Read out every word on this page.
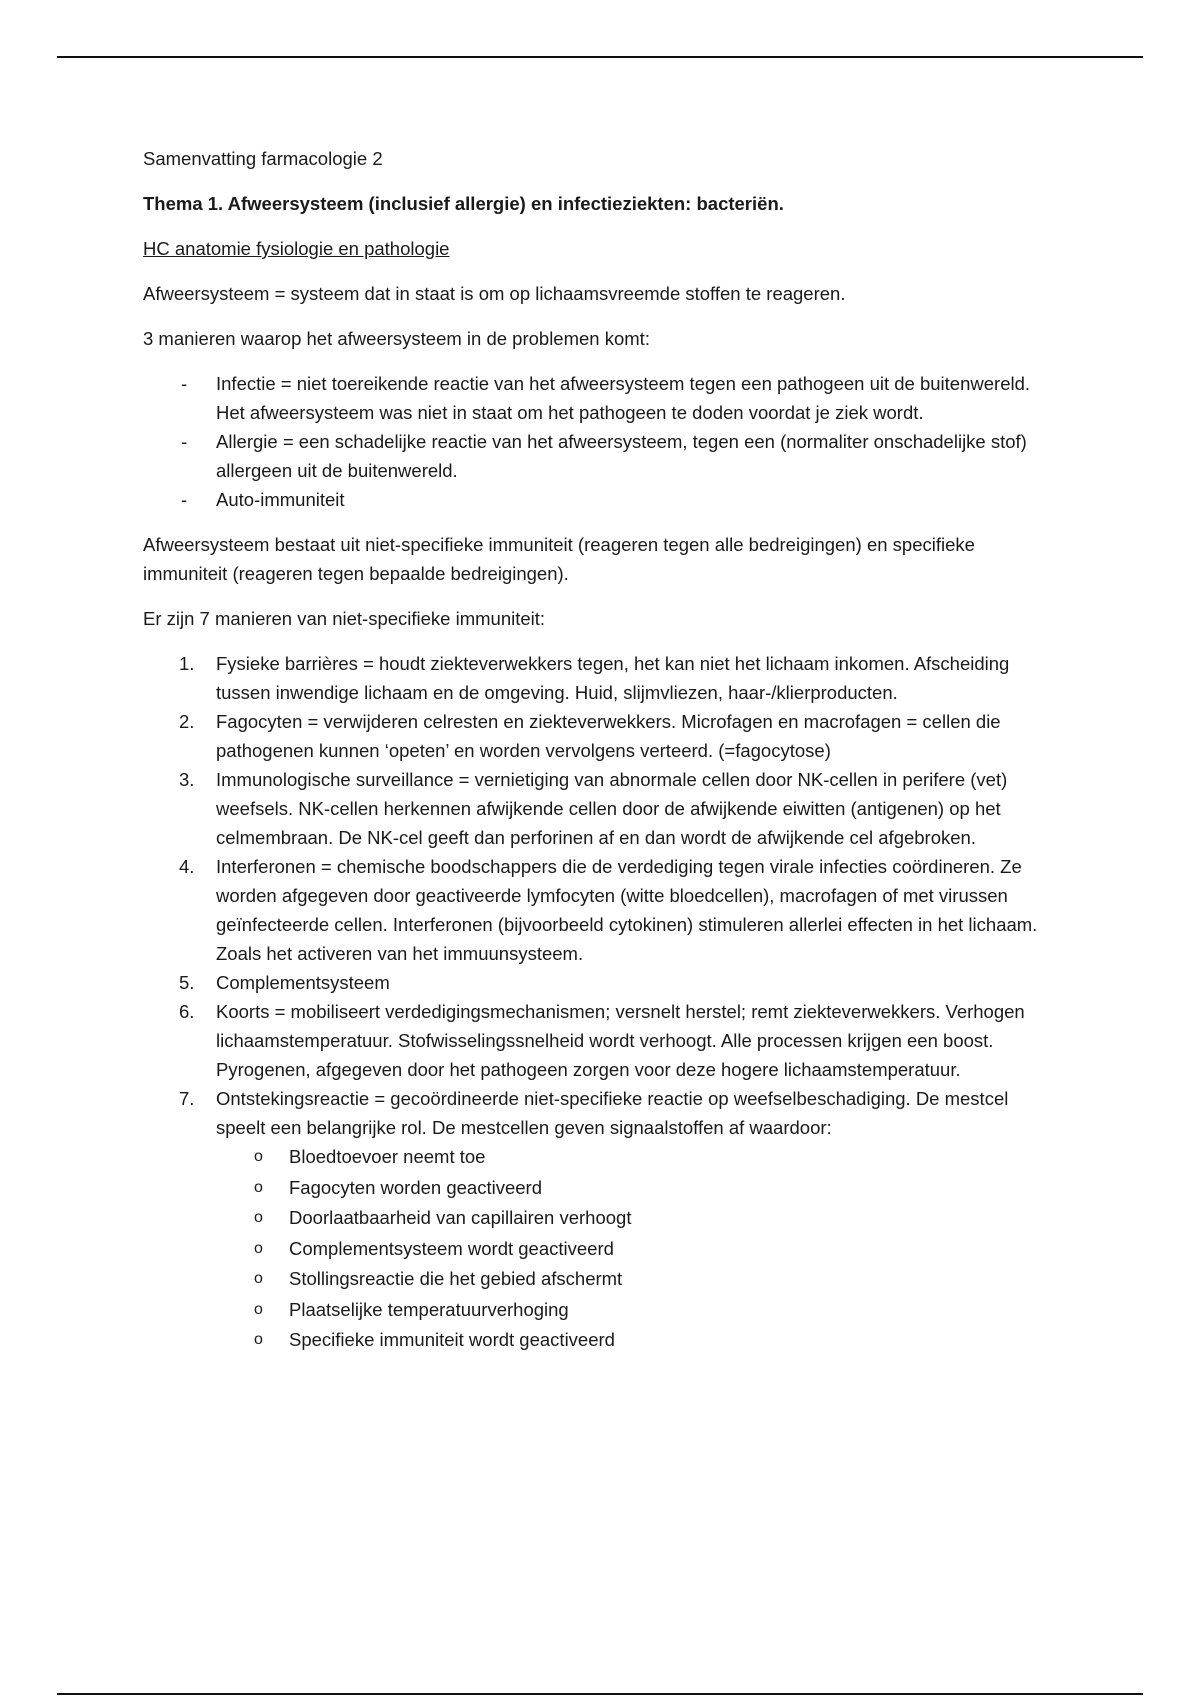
Samenvatting farmacologie 2

Thema 1. Afweersysteem (inclusief allergie) en infectieziekten: bacteriën.

HC anatomie fysiologie en pathologie

Afweersysteem = systeem dat in staat is om op lichaamsvreemde stoffen te reageren.

3 manieren waarop het afweersysteem in de problemen komt:

- Infectie = niet toereikende reactie van het afweersysteem tegen een pathogeen uit de buitenwereld. Het afweersysteem was niet in staat om het pathogeen te doden voordat je ziek wordt.
- Allergie = een schadelijke reactie van het afweersysteem, tegen een (normaliter onschadelijke stof) allergeen uit de buitenwereld.
- Auto-immuniteit

Afweersysteem bestaat uit niet-specifieke immuniteit (reageren tegen alle bedreigingen) en specifieke immuniteit (reageren tegen bepaalde bedreigingen).

Er zijn 7 manieren van niet-specifieke immuniteit:

1. Fysieke barrières = houdt ziekteverwekkers tegen, het kan niet het lichaam inkomen. Afscheiding tussen inwendige lichaam en de omgeving. Huid, slijmvliezen, haar-/klierproducten.
2. Fagocyten = verwijderen celresten en ziekteverwekkers. Microfagen en macrofagen = cellen die pathogenen kunnen ‘opeten’ en worden vervolgens verteerd. (=fagocytose)
3. Immunologische surveillance = vernietiging van abnormale cellen door NK-cellen in perifere (vet) weefsels. NK-cellen herkennen afwijkende cellen door de afwijkende eiwitten (antigenen) op het celmembraan. De NK-cel geeft dan perforinen af en dan wordt de afwijkende cel afgebroken.
4. Interferonen = chemische boodschappers die de verdediging tegen virale infecties coördineren. Ze worden afgegeven door geactiveerde lymfocyten (witte bloedcellen), macrofagen of met virussen geïnfecteerde cellen. Interferonen (bijvoorbeeld cytokinen) stimuleren allerlei effecten in het lichaam. Zoals het activeren van het immuunsysteem.
5. Complementsysteem
6. Koorts = mobiliseert verdedigingsmechanismen; versnelt herstel; remt ziekteverwekkers. Verhogen lichaamstemperatuur. Stofwisselingssnelheid wordt verhoogt. Alle processen krijgen een boost. Pyrogenen, afgegeven door het pathogeen zorgen voor deze hogere lichaamstemperatuur.
7. Ontstekingsreactie = gecoördineerde niet-specifieke reactie op weefselbeschadiging. De mestcel speelt een belangrijke rol. De mestcellen geven signaalstoffen af waardoor:
o Bloedtoevoer neemt toe
o Fagocyten worden geactiveerd
o Doorlaatbaarheid van capillairen verhoogt
o Complementsysteem wordt geactiveerd
o Stollingsreactie die het gebied afschermt
o Plaatselijke temperatuurverhoging
o Specifieke immuniteit wordt geactiveerd
